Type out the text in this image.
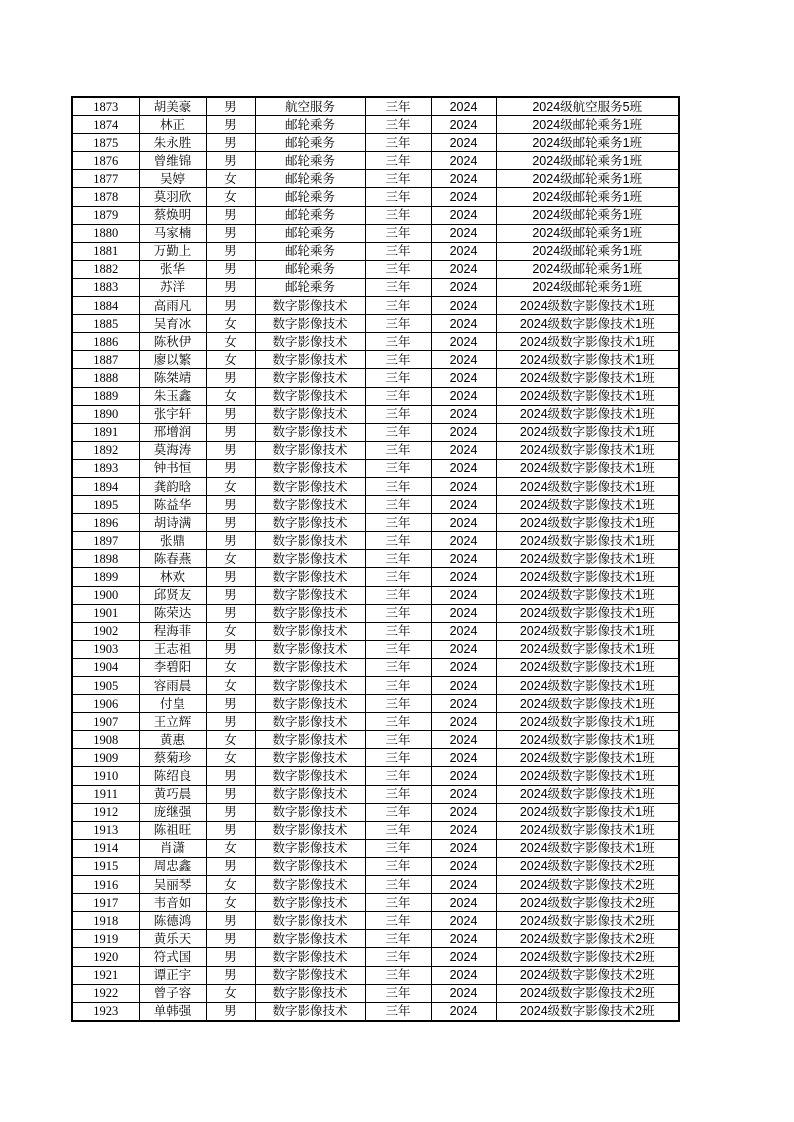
1873	胡美豪	男	航空服务	三年	2024	2024级航空服务5班
1874	林正	男	邮轮乘务	三年	2024	2024级邮轮乘务1班
1875	朱永胜	男	邮轮乘务	三年	2024	2024级邮轮乘务1班
1876	曾维锦	男	邮轮乘务	三年	2024	2024级邮轮乘务1班
1877	吴婷	女	邮轮乘务	三年	2024	2024级邮轮乘务1班
1878	莫羽欣	女	邮轮乘务	三年	2024	2024级邮轮乘务1班
1879	蔡焕明	男	邮轮乘务	三年	2024	2024级邮轮乘务1班
1880	马家楠	男	邮轮乘务	三年	2024	2024级邮轮乘务1班
1881	万勤上	男	邮轮乘务	三年	2024	2024级邮轮乘务1班
1882	张华	男	邮轮乘务	三年	2024	2024级邮轮乘务1班
1883	苏洋	男	邮轮乘务	三年	2024	2024级邮轮乘务1班
1884	高雨凡	男	数字影像技术	三年	2024	2024级数字影像技术1班
1885	吴育冰	女	数字影像技术	三年	2024	2024级数字影像技术1班
1886	陈秋伊	女	数字影像技术	三年	2024	2024级数字影像技术1班
1887	廖以繁	女	数字影像技术	三年	2024	2024级数字影像技术1班
1888	陈桀靖	男	数字影像技术	三年	2024	2024级数字影像技术1班
1889	朱玉鑫	女	数字影像技术	三年	2024	2024级数字影像技术1班
1890	张宇轩	男	数字影像技术	三年	2024	2024级数字影像技术1班
1891	邢增润	男	数字影像技术	三年	2024	2024级数字影像技术1班
1892	莫海涛	男	数字影像技术	三年	2024	2024级数字影像技术1班
1893	钟书恒	男	数字影像技术	三年	2024	2024级数字影像技术1班
1894	龚韵晗	女	数字影像技术	三年	2024	2024级数字影像技术1班
1895	陈益华	男	数字影像技术	三年	2024	2024级数字影像技术1班
1896	胡诗满	男	数字影像技术	三年	2024	2024级数字影像技术1班
1897	张鼎	男	数字影像技术	三年	2024	2024级数字影像技术1班
1898	陈春燕	女	数字影像技术	三年	2024	2024级数字影像技术1班
1899	林欢	男	数字影像技术	三年	2024	2024级数字影像技术1班
1900	邱贤友	男	数字影像技术	三年	2024	2024级数字影像技术1班
1901	陈荣达	男	数字影像技术	三年	2024	2024级数字影像技术1班
1902	程海菲	女	数字影像技术	三年	2024	2024级数字影像技术1班
1903	王志祖	男	数字影像技术	三年	2024	2024级数字影像技术1班
1904	李碧阳	女	数字影像技术	三年	2024	2024级数字影像技术1班
1905	容雨晨	女	数字影像技术	三年	2024	2024级数字影像技术1班
1906	付皇	男	数字影像技术	三年	2024	2024级数字影像技术1班
1907	王立辉	男	数字影像技术	三年	2024	2024级数字影像技术1班
1908	黄惠	女	数字影像技术	三年	2024	2024级数字影像技术1班
1909	蔡菊珍	女	数字影像技术	三年	2024	2024级数字影像技术1班
1910	陈绍良	男	数字影像技术	三年	2024	2024级数字影像技术1班
1911	黄巧晨	男	数字影像技术	三年	2024	2024级数字影像技术1班
1912	庞继强	男	数字影像技术	三年	2024	2024级数字影像技术1班
1913	陈祖旺	男	数字影像技术	三年	2024	2024级数字影像技术1班
1914	肖潇	女	数字影像技术	三年	2024	2024级数字影像技术1班
1915	周忠鑫	男	数字影像技术	三年	2024	2024级数字影像技术2班
1916	吴丽琴	女	数字影像技术	三年	2024	2024级数字影像技术2班
1917	韦音如	女	数字影像技术	三年	2024	2024级数字影像技术2班
1918	陈德鸿	男	数字影像技术	三年	2024	2024级数字影像技术2班
1919	黄乐天	男	数字影像技术	三年	2024	2024级数字影像技术2班
1920	符式国	男	数字影像技术	三年	2024	2024级数字影像技术2班
1921	谭正宇	男	数字影像技术	三年	2024	2024级数字影像技术2班
1922	曾子容	女	数字影像技术	三年	2024	2024级数字影像技术2班
1923	单韩强	男	数字影像技术	三年	2024	2024级数字影像技术2班
